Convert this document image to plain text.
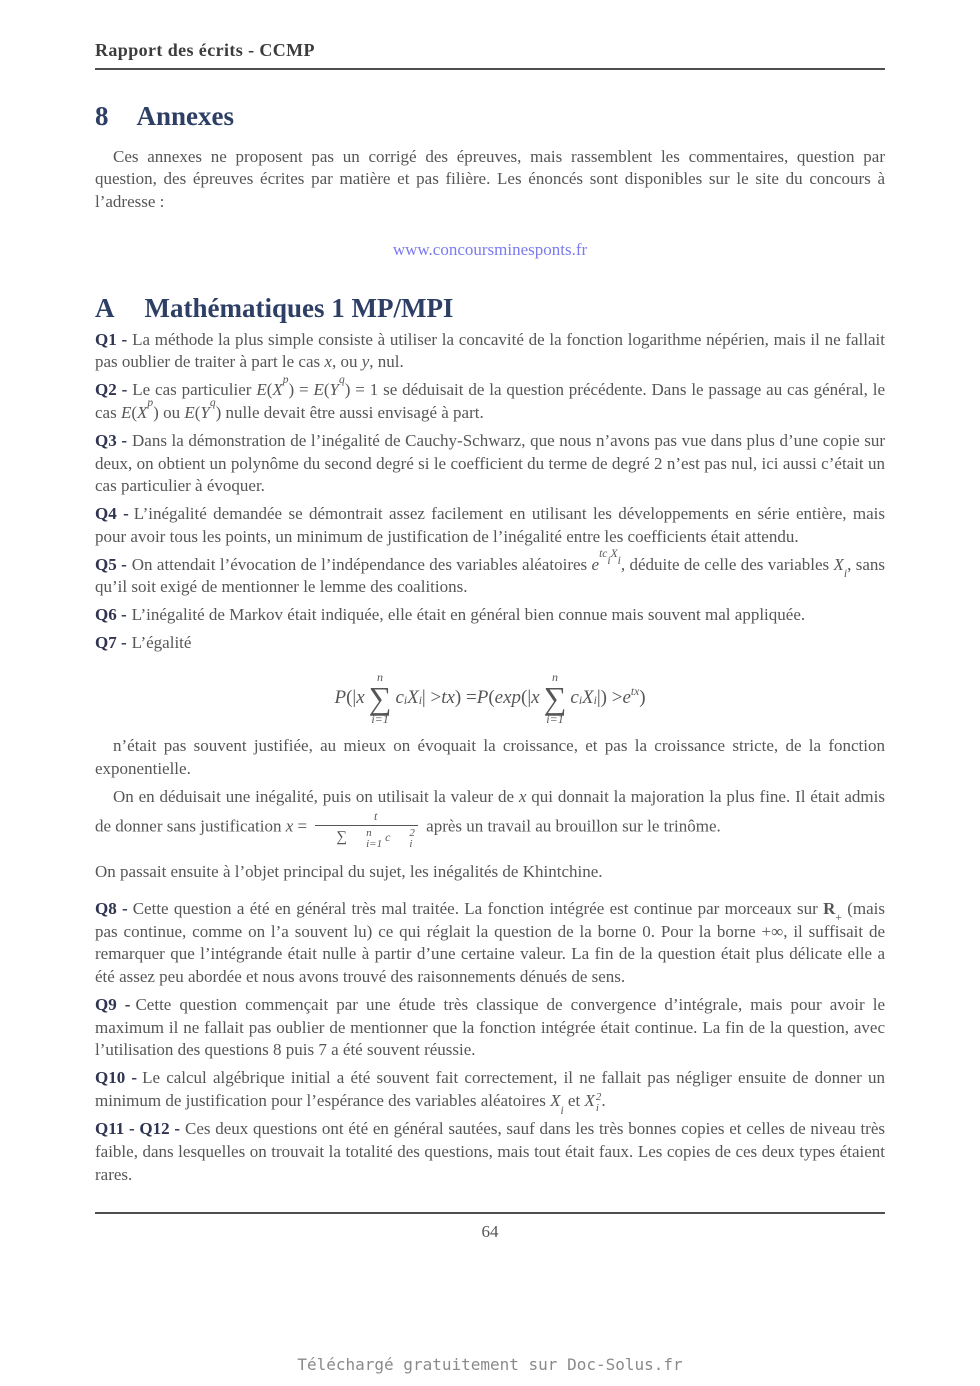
Rapport des écrits - CCMP
8 Annexes

Ces annexes ne proposent pas un corrigé des épreuves, mais rassemblent les commentaires, question par question, des épreuves écrites par matière et pas filière. Les énoncés sont disponibles sur le site du concours à l’adresse :

www.concoursminesponts.fr
A Mathématiques 1 MP/MPI

Q1 - La méthode la plus simple consiste à utiliser la concavité de la fonction logarithme népérien, mais il ne fallait pas oublier de traiter à part le cas x, ou y, nul.

Q2 - Le cas particulier $E(X^p) = E(Y^q) = 1$ se déduisait de la question précédente. Dans le passage au cas général, le cas $E(X^p)$ ou $E(Y^q)$ nulle devait être aussi envisagé à part.

Q3 - Dans la démonstration de l’inégalité de Cauchy-Schwarz, que nous n’avons pas vue dans plus d’une copie sur deux, on obtient un polynôme du second degré si le coefficient du terme de degré 2 n’est pas nul, ici aussi c’était un cas particulier à évoquer.

Q4 - L’inégalité demandée se démontrait assez facilement en utilisant les développements en série entière, mais pour avoir tous les points, un minimum de justification de l’inégalité entre les coefficients était attendu.

Q5 - On attendait l’évocation de l’indépendance des variables aléatoires $e^{tc_iX_i}$, déduite de celle des variables $X_i$, sans qu’il soit exigé de mentionner le lemme des coalitions.

Q6 - L’inégalité de Markov était indiquée, elle était en général bien connue mais souvent mal appliquée.

Q7 - L’égalité

P (| x
n
∑
i=1
c $_i$ X $_i$ | > tx ) = P ( exp (| x
n
∑
i=1
c $_i$ X $_i$ |) > e $^{tx}$ )

n’était pas souvent justifiée, au mieux on évoquait la croissance, et pas la croissance stricte, de la fonction exponentielle.

On en déduisait une inégalité, puis on utilisait la valeur de x qui donnait la majoration la plus fine. Il était admis de donner sans justification x = t
∑	n
i=1
c	2
i après un travail au brouillon sur le trinôme.

On passait ensuite à l’objet principal du sujet, les inégalités de Khintchine.

Q8 - Cette question a été en général très mal traitée. La fonction intégrée est continue par morceaux sur $R_+$ (mais pas continue, comme on l’a souvent lu) ce qui réglait la question de la borne 0. Pour la borne +∞, il suffisait de remarquer que l’intégrande était nulle à partir d’une certaine valeur. La fin de la question était plus délicate elle a été assez peu abordée et nous avons trouvé des raisonnements dénués de sens.

Q9 - Cette question commençait par une étude très classique de convergence d’intégrale, mais pour avoir le maximum il ne fallait pas oublier de mentionner que la fonction intégrée était continue. La fin de la question, avec l’utilisation des questions 8 puis 7 a été souvent réussie.

Q10 - Le calcul algébrique initial a été souvent fait correctement, il ne fallait pas négliger ensuite de donner un minimum de justification pour l’espérance des variables aléatoires $X_i$ et X 2
i .

Q11 - Q12 - Ces deux questions ont été en général sautées, sauf dans les très bonnes copies et celles de niveau très faible, dans lesquelles on trouvait la totalité des questions, mais tout était faux. Les copies de ces deux types étaient rares.

64
Téléchargé gratuitement sur Doc-Solus.fr
